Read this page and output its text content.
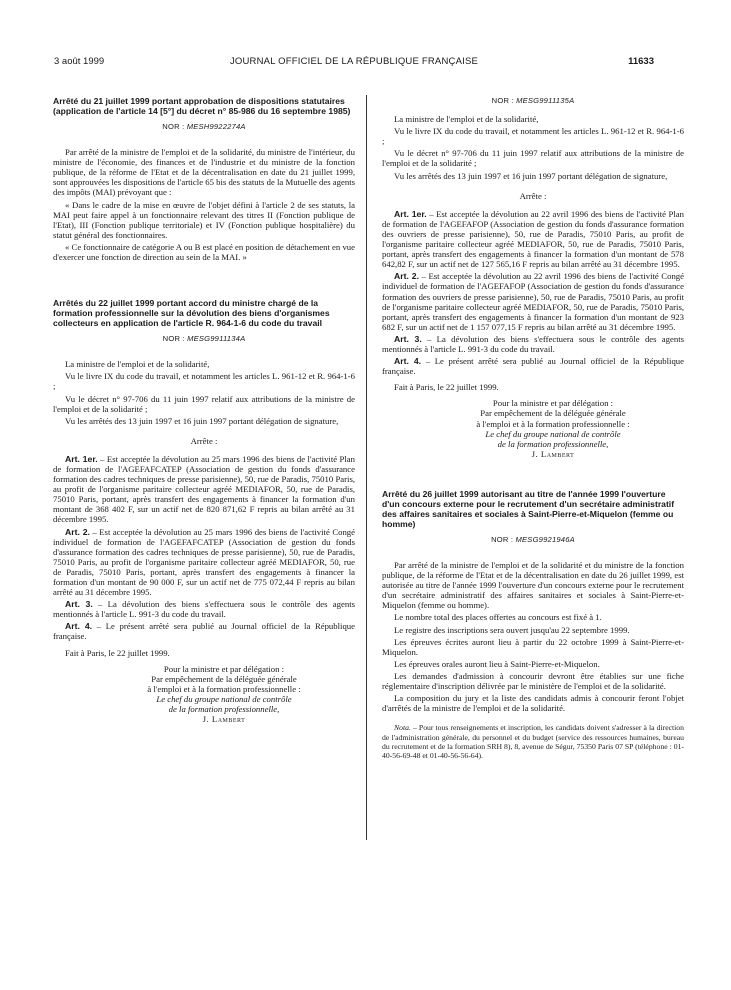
3 août 1999	JOURNAL OFFICIEL DE LA RÉPUBLIQUE FRANÇAISE	11633
Arrêté du 21 juillet 1999 portant approbation de dispositions statutaires (application de l'article 14 [5°] du décret n° 85-986 du 16 septembre 1985)
NOR : MESH9922274A

Par arrêté de la ministre de l'emploi et de la solidarité, du ministre de l'intérieur, du ministre de l'économie, des finances et de l'industrie et du ministre de la fonction publique, de la réforme de l'Etat et de la décentralisation en date du 21 juillet 1999, sont approuvées les dispositions de l'article 65 bis des statuts de la Mutuelle des agents des impôts (MAI) prévoyant que :

« Dans le cadre de la mise en œuvre de l'objet défini à l'article 2 de ses statuts, la MAI peut faire appel à un fonctionnaire relevant des titres II (Fonction publique de l'Etat), III (Fonction publique territoriale) et IV (Fonction publique hospitalière) du statut général des fonctionnaires.

« Ce fonctionnaire de catégorie A ou B est placé en position de détachement en vue d'exercer une fonction de direction au sein de la MAI. »

Arrêtés du 22 juillet 1999 portant accord du ministre chargé de la formation professionnelle sur la dévolution des biens d'organismes collecteurs en application de l'article R. 964-1-6 du code du travail
NOR : MESG9911134A

La ministre de l'emploi et de la solidarité,

Vu le livre IX du code du travail, et notamment les articles L. 961-12 et R. 964-1-6 ;

Vu le décret n° 97-706 du 11 juin 1997 relatif aux attributions de la ministre de l'emploi et de la solidarité ;

Vu les arrêtés des 13 juin 1997 et 16 juin 1997 portant délégation de signature,

Arrête :

Art. 1er. – Est acceptée la dévolution au 25 mars 1996 des biens de l'activité Plan de formation de l'AGEFAFCATEP (Association de gestion du fonds d'assurance formation des cadres techniques de presse parisienne), 50, rue de Paradis, 75010 Paris, au profit de l'organisme paritaire collecteur agréé MEDIAFOR, 50, rue de Paradis, 75010 Paris, portant, après transfert des engagements à financer la formation d'un montant de 368 402 F, sur un actif net de 820 871,62 F repris au bilan arrêté au 31 décembre 1995.

Art. 2. – Est acceptée la dévolution au 25 mars 1996 des biens de l'activité Congé individuel de formation de l'AGEFAFCATEP (Association de gestion du fonds d'assurance formation des cadres techniques de presse parisienne), 50, rue de Paradis, 75010 Paris, au profit de l'organisme paritaire collecteur agréé MEDIAFOR, 50, rue de Paradis, 75010 Paris, portant, après transfert des engagements à financer la formation d'un montant de 90 000 F, sur un actif net de 775 072,44 F repris au bilan arrêté au 31 décembre 1995.

Art. 3. – La dévolution des biens s'effectuera sous le contrôle des agents mentionnés à l'article L. 991-3 du code du travail.

Art. 4. – Le présent arrêté sera publié au Journal officiel de la République française.

Fait à Paris, le 22 juillet 1999.

Pour la ministre et par délégation :
Par empêchement de la déléguée générale
à l'emploi et à la formation professionnelle :
Le chef du groupe national de contrôle
de la formation professionnelle,
J. Lambert
NOR : MESG9911135A

La ministre de l'emploi et de la solidarité,

Vu le livre IX du code du travail, et notamment les articles L. 961-12 et R. 964-1-6 ;

Vu le décret n° 97-706 du 11 juin 1997 relatif aux attributions de la ministre de l'emploi et de la solidarité ;

Vu les arrêtés des 13 juin 1997 et 16 juin 1997 portant délégation de signature,

Arrête :

Art. 1er. – Est acceptée la dévolution au 22 avril 1996 des biens de l'activité Plan de formation de l'AGEFAFOP (Association de gestion du fonds d'assurance formation des ouvriers de presse parisienne), 50, rue de Paradis, 75010 Paris, au profit de l'organisme paritaire collecteur agréé MEDIAFOR, 50, rue de Paradis, 75010 Paris, portant, après transfert des engagements à financer la formation d'un montant de 578 642,82 F, sur un actif net de 127 565,16 F repris au bilan arrêté au 31 décembre 1995.

Art. 2. – Est acceptée la dévolution au 22 avril 1996 des biens de l'activité Congé individuel de formation de l'AGEFAFOP (Association de gestion du fonds d'assurance formation des ouvriers de presse parisienne), 50, rue de Paradis, 75010 Paris, au profit de l'organisme paritaire collecteur agréé MEDIAFOR, 50, rue de Paradis, 75010 Paris, portant, après transfert des engagements à financer la formation d'un montant de 923 682 F, sur un actif net de 1 157 077,15 F repris au bilan arrêté au 31 décembre 1995.

Art. 3. – La dévolution des biens s'effectuera sous le contrôle des agents mentionnés à l'article L. 991-3 du code du travail.

Art. 4. – Le présent arrêté sera publié au Journal officiel de la République française.

Fait à Paris, le 22 juillet 1999.

Pour la ministre et par délégation :
Par empêchement de la déléguée générale
à l'emploi et à la formation professionnelle :
Le chef du groupe national de contrôle
de la formation professionnelle,
J. Lambert
Arrêté du 26 juillet 1999 autorisant au titre de l'année 1999 l'ouverture d'un concours externe pour le recrutement d'un secrétaire administratif des affaires sanitaires et sociales à Saint-Pierre-et-Miquelon (femme ou homme)
NOR : MESG9921946A

Par arrêté de la ministre de l'emploi et de la solidarité et du ministre de la fonction publique, de la réforme de l'Etat et de la décentralisation en date du 26 juillet 1999, est autorisée au titre de l'année 1999 l'ouverture d'un concours externe pour le recrutement d'un secrétaire administratif des affaires sanitaires et sociales à Saint-Pierre-et-Miquelon (femme ou homme).

Le nombre total des places offertes au concours est fixé à 1.

Le registre des inscriptions sera ouvert jusqu'au 22 septembre 1999.

Les épreuves écrites auront lieu à partir du 22 octobre 1999 à Saint-Pierre-et-Miquelon.

Les épreuves orales auront lieu à Saint-Pierre-et-Miquelon.

Les demandes d'admission à concourir devront être établies sur une fiche réglementaire d'inscription délivrée par le ministère de l'emploi et de la solidarité.

La composition du jury et la liste des candidats admis à concourir feront l'objet d'arrêtés de la ministre de l'emploi et de la solidarité.

Nota. – Pour tous renseignements et inscription, les candidats doivent s'adresser à la direction de l'administration générale, du personnel et du budget (service des ressources humaines, bureau du recrutement et de la formation SRH 8), 8, avenue de Ségur, 75350 Paris 07 SP (téléphone : 01-40-56-69-48 et 01-40-56-56-64).
